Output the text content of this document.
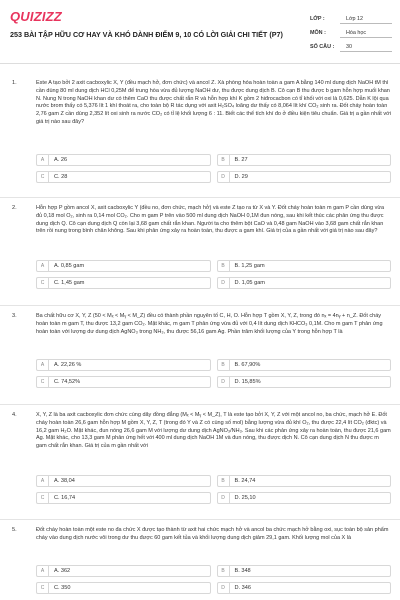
QUIZIZZ
253 BÀI TẬP HỮU CƠ HAY VÀ KHÓ DÀNH ĐIỂM 9, 10 CÓ LỜI GIẢI CHI TIẾT (P7)
LỚP :	Lớp 12
MÔN :	Hóa học
SỐ CÂU :	30
1.	Este A tạo bởi 2 axit cacboxylic X, Y (đều mạch hở, đơn chức) và ancol Z. Xà phòng hóa hoàn toàn a gam A bằng 140 ml dung dịch NaOH tM thì cần dùng 80 ml dung dịch HCl 0,25M để trung hòa vừa đủ lượng NaOH dư, thu được dung dịch B. Cô cạn B thu được b gam hỗn hợp muối khan N. Nung N trong NaOH khan dư có thêm CaO thu được chất rắn R và hỗn hợp khí K gồm 2 hiđrocacbon có tỉ khối với oxi là 0,625. Dẫn K lội qua nước brom thấy có 5,376 lít 1 khí thoát ra, cho toàn bộ R tác dụng với axit H₂SO₄ loãng dư thấy có 8,064 lít khí CO₂ sinh ra. Đốt cháy hoàn toàn 2,76 gam Z cần dùng 2,352 lít oxi sinh ra nước CO₂ có tỉ lệ khối lượng 6 : 11. Biết các thể tích khí đo ở điều kiện tiêu chuẩn. Giá trị a gần nhất với giá trị nào sau đây?
A	A. 26	B	B. 27
C	C. 28	D	D. 29
2.	Hỗn hợp P gồm ancol X, axit cacboxylic Y (đều no, đơn chức, mạch hở) và este Z tạo ra từ X và Y. Đốt cháy hoàn toàn m gam P cần dùng vừa đủ 0,18 mol O₂, sinh ra 0,14 mol CO₂. Cho m gam P trên vào 500 ml dung dịch NaOH 0,1M đun nóng, sau khi kết thúc các phản ứng thu được dung dịch Q. Cô cạn dung dịch Q còn lại 3,68 gam chất rắn khan. Người ta cho thêm bột CaO và 0,48 gam NaOH vào 3,68 gam chất rắn khan trên rồi nung trong bình chân không. Sau khi phản ứng xảy ra hoàn toàn, thu được a gam khí. Giá trị của a gần nhất với giá trị nào sau đây?
A	A. 0,85 gam	B	B. 1,25 gam
C	C. 1,45 gam	D	D. 1,05 gam
3.	Ba chất hữu cơ X, Y, Z (50 < Mₓ < Mᵧ < M_Z) đều có thành phần nguyên tố C, H, O. Hỗn hợp T gồm X, Y, Z, trong đó nₓ = 4nᵧ + n_Z. Đốt cháy hoàn toàn m gam T, thu được 13,2 gam CO₂. Mặt khác, m gam T phản ứng vừa đủ với 0,4 lít dung dịch KHCO₃ 0,1M. Cho m gam T phản ứng hoàn toàn với lượng dư dung dịch AgNO₃ trong NH₃, thu được 56,16 gam Ag. Phần trăm khối lượng của Y trong hỗn hợp T là
A	A. 22,26 %	B	B. 67,90%
C	C. 74,52%	D	D. 15,85%
4.	X, Y, Z là ba axit cacboxylic đơn chức cùng dãy đồng đẳng (Mₓ < Mᵧ < M_Z), T là este tạo bởi X, Y, Z với một ancol no, ba chức, mạch hở E. Đốt cháy hoàn toàn 26,6 gam hỗn hợp M gồm X, Y, Z, T (trong đó Y và Z có cùng số mol) bằng lượng vừa đủ khí O₂, thu được 22,4 lít CO₂ (đktc) và 16,2 gam H₂O. Mặt khác, đun nóng 26,6 gam M với lượng dư dung dịch AgNO₃/NH₃. Sau khi các phản ứng xảy ra hoàn toàn, thu được 21,6 gam Ag. Mặt khác, cho 13,3 gam M phản ứng hết với 400 ml dung dịch NaOH 1M và đun nóng, thu được dịch N. Cô cạn dung dịch N thu được m gam chất rắn khan. Giá trị của m gần nhất với
A	A. 38,04	B	B. 24,74
C	C. 16,74	D	D. 25,10
5.	Đốt cháy hoàn toàn một este no đa chức X được tạo thành từ axit hai chức mạch hở và ancol ba chức mạch hở bằng oxi, sục toàn bộ sản phẩm cháy vào dung dịch nước vôi trong dư thu được 60 gam kết tủa và khối lượng dung dịch giảm 29,1 gam. Khối lượng mol của X là
A	A. 362	B	B. 348
C	C. 350	D	D. 346
